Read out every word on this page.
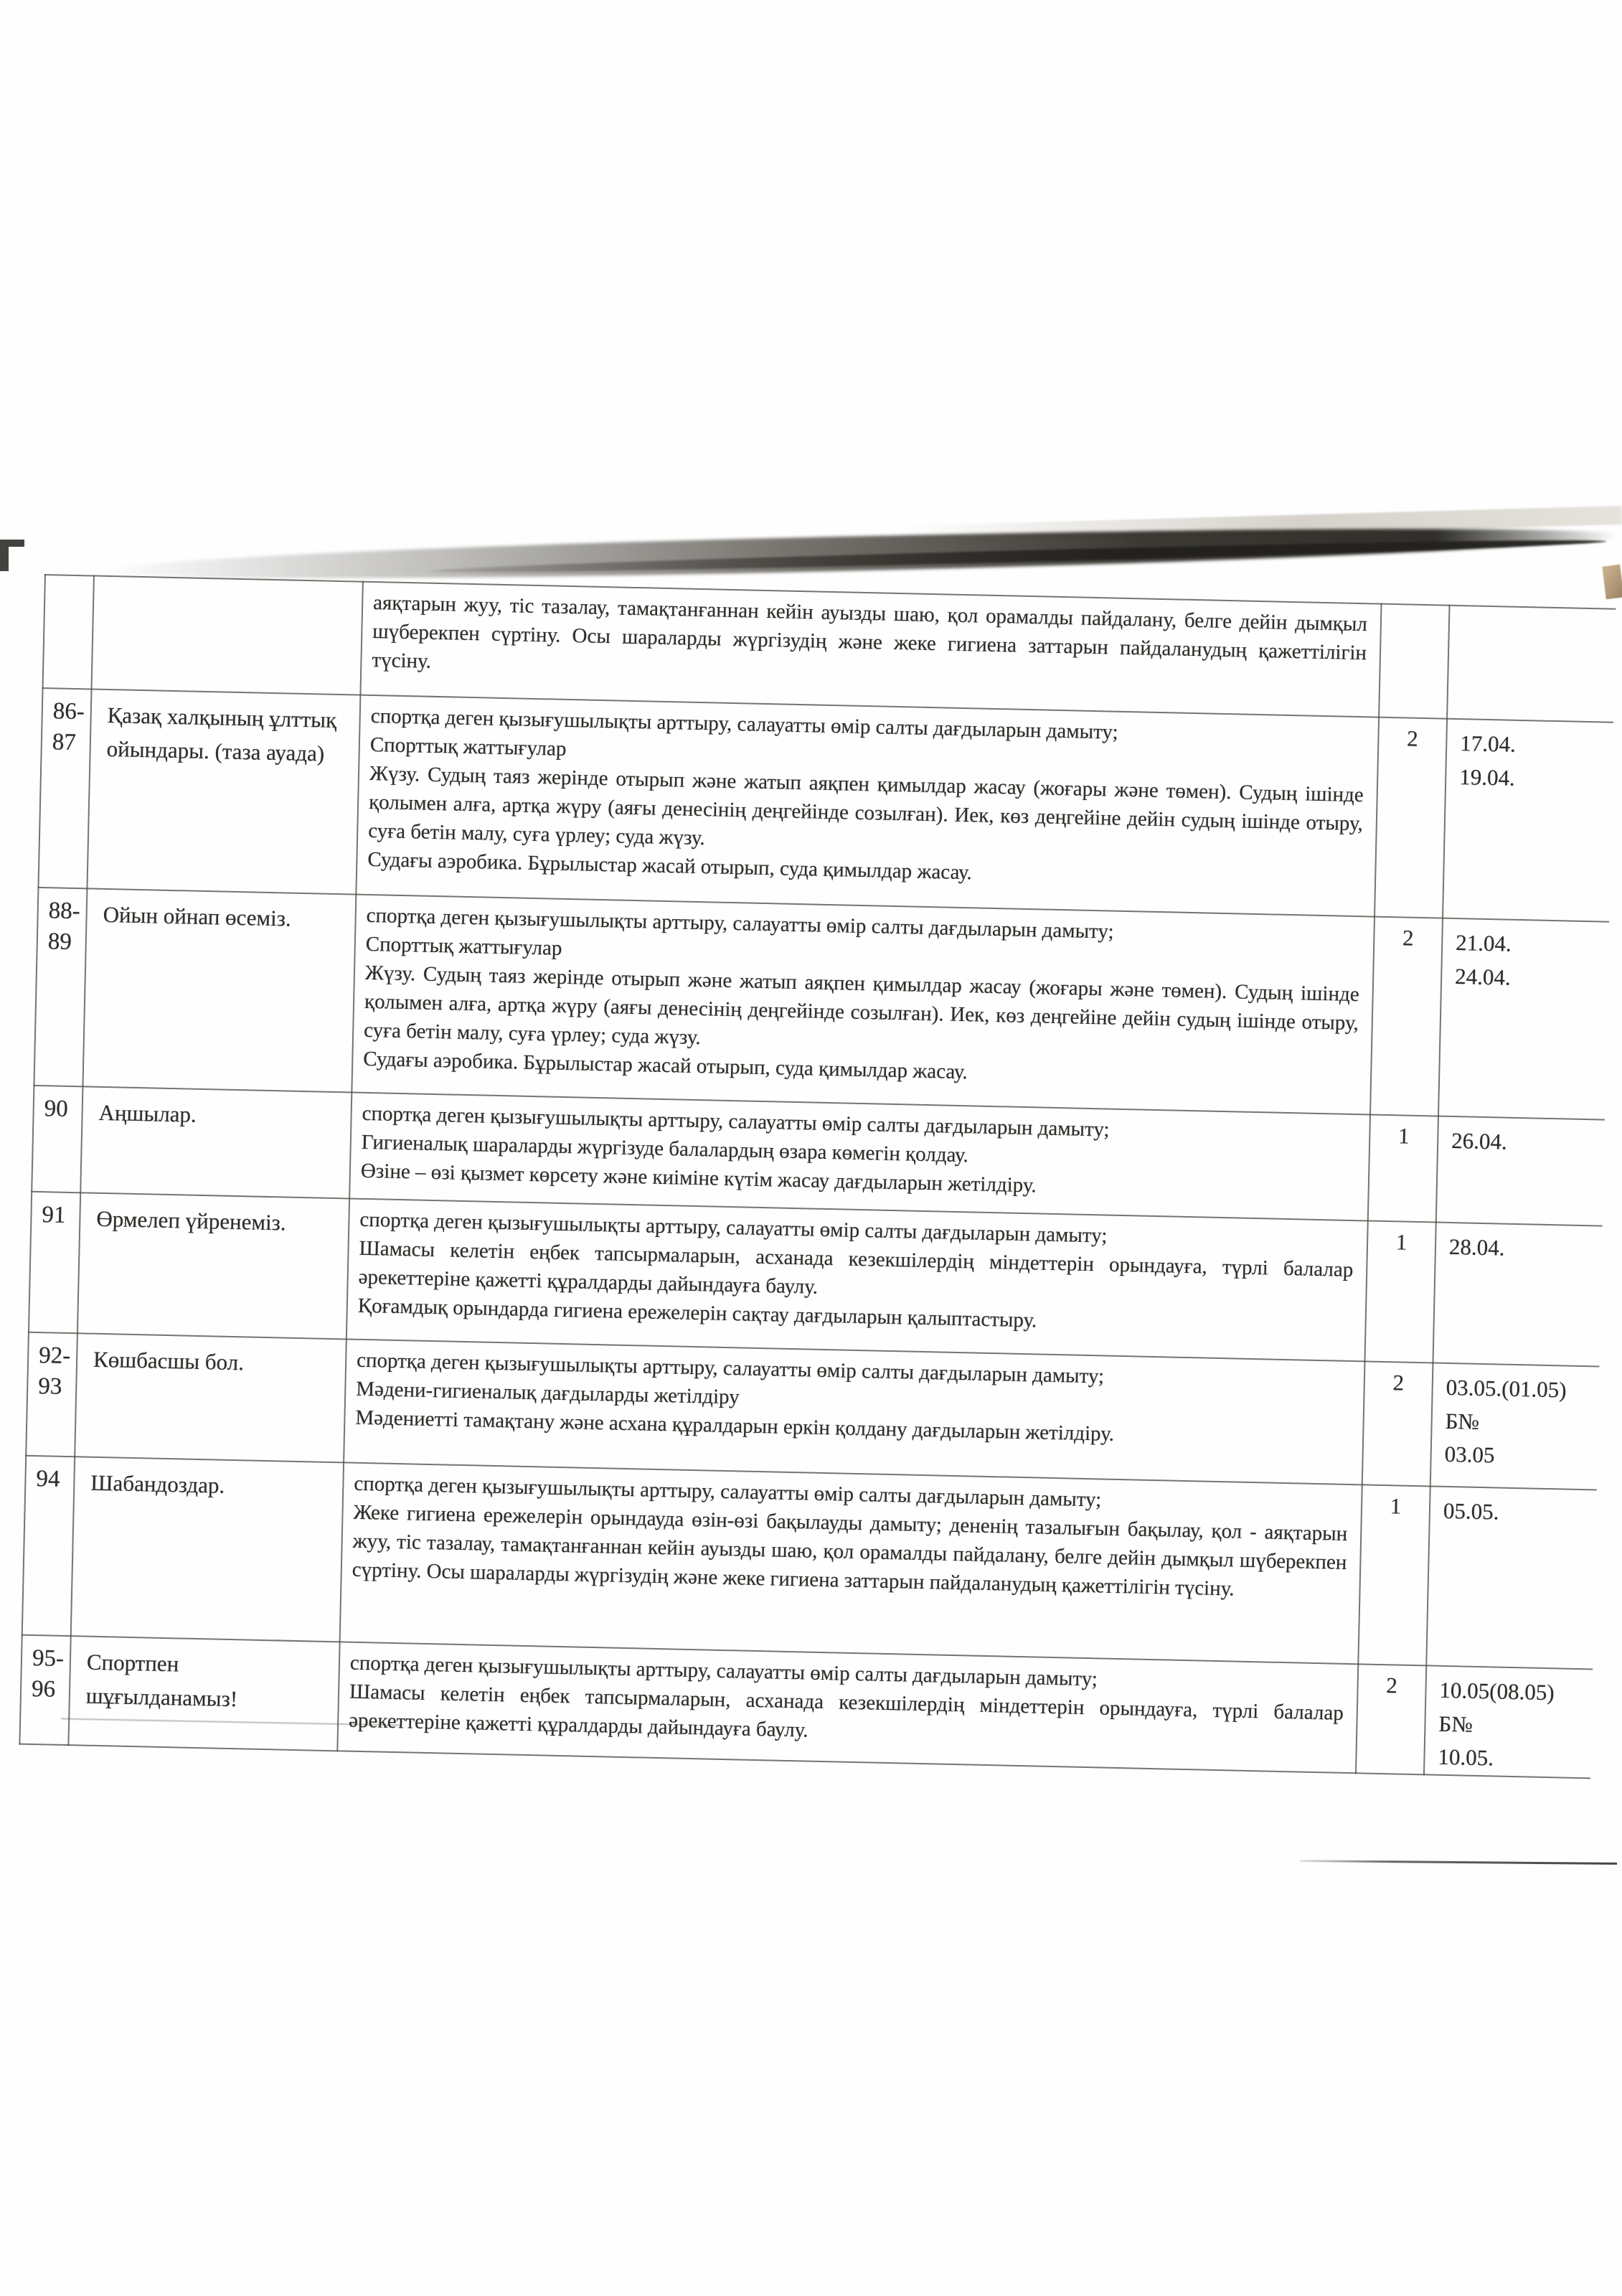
		аяқтарын жуу, тіс тазалау, тамақтанғаннан кейін ауызды шаю, қол орамалды пайдалану, белге дейін дымқыл шүберекпен сүртіну. Осы шараларды жүргізудің және жеке гигиена заттарын пайдаланудың қажеттілігін түсіну.		
86-
87	Қазақ халқының ұлттық ойындары. (таза ауада)	спортқа деген қызығушылықты арттыру, салауатты өмір салты дағдыларын дамыту;
Спорттық жаттығулар
Жүзу. Судың таяз жерінде отырып және жатып аяқпен қимылдар жасау (жоғары және төмен). Судың ішінде қолымен алға, артқа жүру (аяғы денесінің деңгейінде созылған). Иек, көз деңгейіне дейін судың ішінде отыру, суға бетін малу, суға үрлеу; суда жүзу.
Судағы аэробика. Бұрылыстар жасай отырып, суда қимылдар жасау.	2	17.04.
19.04.
88-
89	Ойын ойнап өсеміз.	спортқа деген қызығушылықты арттыру, салауатты өмір салты дағдыларын дамыту;
Спорттық жаттығулар
Жүзу. Судың таяз жерінде отырып және жатып аяқпен қимылдар жасау (жоғары және төмен). Судың ішінде қолымен алға, артқа жүру (аяғы денесінің деңгейінде созылған). Иек, көз деңгейіне дейін судың ішінде отыру, суға бетін малу, суға үрлеу; суда жүзу.
Судағы аэробика. Бұрылыстар жасай отырып, суда қимылдар жасау.	2	21.04.
24.04.
90	Аңшылар.	спортқа деген қызығушылықты арттыру, салауатты өмір салты дағдыларын дамыту;
Гигиеналық шараларды жүргізуде балалардың өзара көмегін қолдау.
Өзіне – өзі қызмет көрсету және киіміне күтім жасау дағдыларын жетілдіру.	1	26.04.
91	Өрмелеп үйренеміз.	спортқа деген қызығушылықты арттыру, салауатты өмір салты дағдыларын дамыту;
Шамасы келетін еңбек тапсырмаларын, асханада кезекшілердің міндеттерін орындауға, түрлі балалар әрекеттеріне қажетті құралдарды дайындауға баулу.
Қоғамдық орындарда гигиена ережелерін сақтау дағдыларын қалыптастыру.	1	28.04.
92-
93	Көшбасшы бол.	спортқа деген қызығушылықты арттыру, салауатты өмір салты дағдыларын дамыту;
Мәдени-гигиеналық дағдыларды жетілдіру
Мәдениетті тамақтану және асхана құралдарын еркін қолдану дағдыларын жетілдіру.	2	03.05.(01.05)
Б№
03.05
94	Шабандоздар.	спортқа деген қызығушылықты арттыру, салауатты өмір салты дағдыларын дамыту;
Жеке гигиена ережелерін орындауда өзін-өзі бақылауды дамыту; дененің тазалығын бақылау, қол - аяқтарын жуу, тіс тазалау, тамақтанғаннан кейін ауызды шаю, қол орамалды пайдалану, белге дейін дымқыл шүберекпен сүртіну. Осы шараларды жүргізудің және жеке гигиена заттарын пайдаланудың қажеттілігін түсіну.	1	05.05.
95-
96	Спортпен шұғылданамыз!	спортқа деген қызығушылықты арттыру, салауатты өмір салты дағдыларын дамыту;
Шамасы келетін еңбек тапсырмаларын, асханада кезекшілердің міндеттерін орындауға, түрлі балалар әрекеттеріне қажетті құралдарды дайындауға баулу.	2	10.05(08.05)
Б№
10.05.
